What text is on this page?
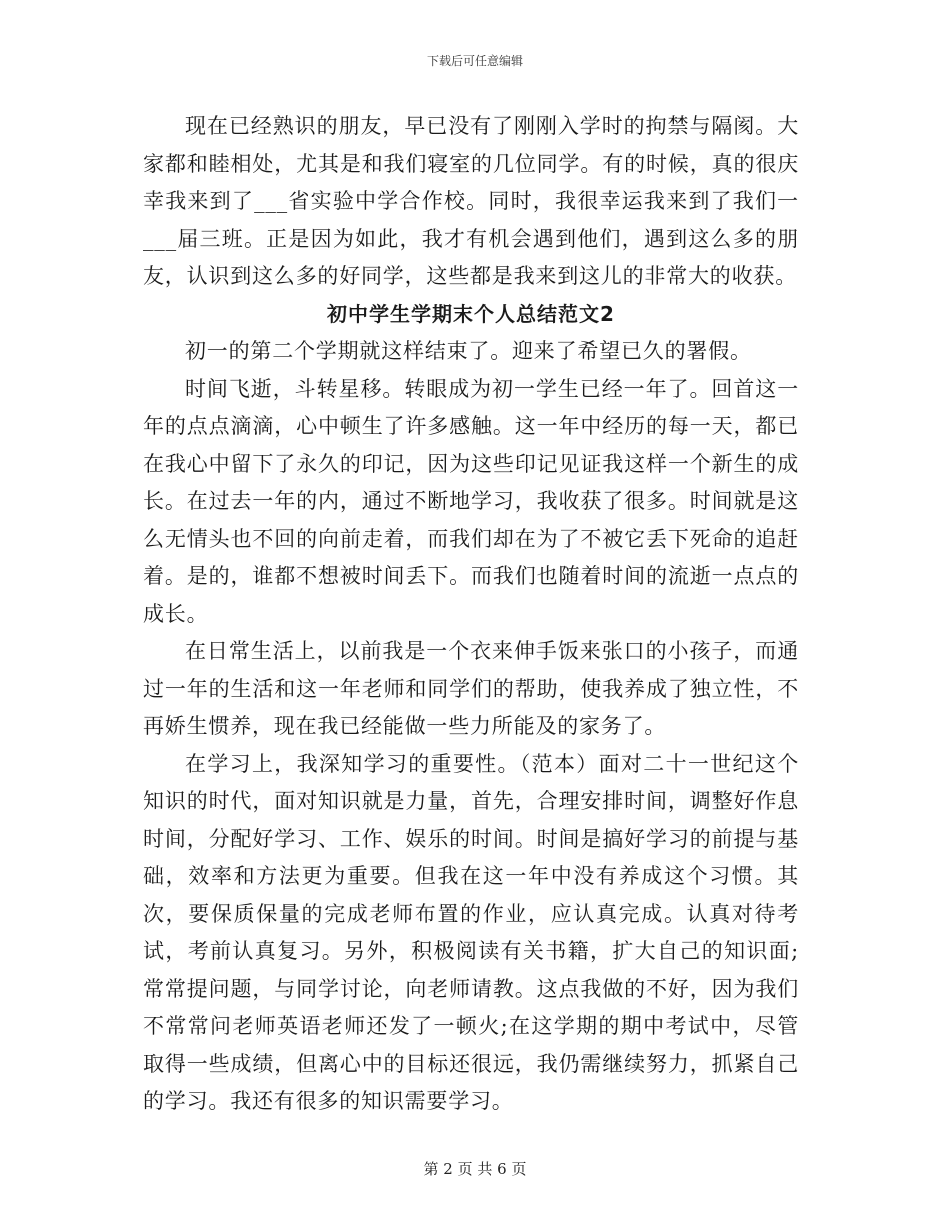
下载后可任意编辑

现在已经熟识的朋友，早已没有了刚刚入学时的拘禁与隔阂。大家都和睦相处，尤其是和我们寝室的几位同学。有的时候，真的很庆幸我来到了___省实验中学合作校。同时，我很幸运我来到了我们一___届三班。正是因为如此，我才有机会遇到他们，遇到这么多的朋友，认识到这么多的好同学，这些都是我来到这儿的非常大的收获。

初中学生学期末个人总结范文2

初一的第二个学期就这样结束了。迎来了希望已久的署假。

时间飞逝，斗转星移。转眼成为初一学生已经一年了。回首这一年的点点滴滴，心中顿生了许多感触。这一年中经历的每一天，都已在我心中留下了永久的印记，因为这些印记见证我这样一个新生的成长。在过去一年的内，通过不断地学习，我收获了很多。时间就是这么无情头也不回的向前走着，而我们却在为了不被它丢下死命的追赶着。是的，谁都不想被时间丢下。而我们也随着时间的流逝一点点的成长。

在日常生活上，以前我是一个衣来伸手饭来张口的小孩子，而通过一年的生活和这一年老师和同学们的帮助，使我养成了独立性，不再娇生惯养，现在我已经能做一些力所能及的家务了。

在学习上，我深知学习的重要性。（范本）面对二十一世纪这个知识的时代，面对知识就是力量，首先，合理安排时间，调整好作息时间，分配好学习、工作、娱乐的时间。时间是搞好学习的前提与基础，效率和方法更为重要。但我在这一年中没有养成这个习惯。其次，要保质保量的完成老师布置的作业，应认真完成。认真对待考试，考前认真复习。另外，积极阅读有关书籍，扩大自己的知识面;常常提问题，与同学讨论，向老师请教。这点我做的不好，因为我们不常常问老师英语老师还发了一顿火;在这学期的期中考试中，尽管取得一些成绩，但离心中的目标还很远，我仍需继续努力，抓紧自己的学习。我还有很多的知识需要学习。

第 2 页 共 6 页
